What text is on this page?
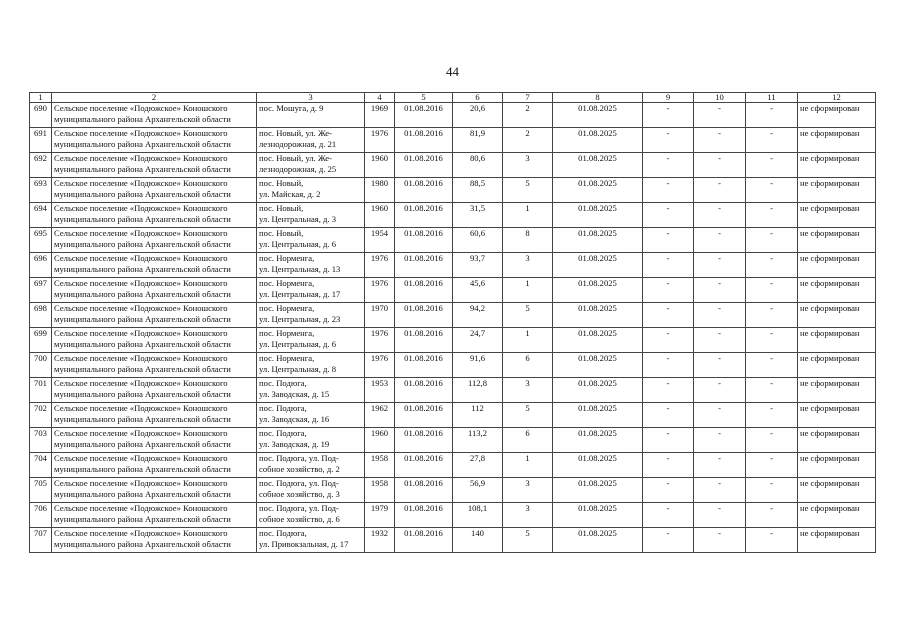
44
1	2	3	4	5	6	7	8	9	10	11	12
690	Сельское поселение «Подюжское» Коношского
муниципального района Архангельской области	пос. Мошуга, д. 9	1969	01.08.2016	20,6	2	01.08.2025	-	-	-	не сформирован
691	Сельское поселение «Подюжское» Коношского
муниципального района Архангельской области	пос. Новый, ул. Же-
лезнодорожная, д. 21	1976	01.08.2016	81,9	2	01.08.2025	-	-	-	не сформирован
692	Сельское поселение «Подюжское» Коношского
муниципального района Архангельской области	пос. Новый, ул. Же-
лезнодорожная, д. 25	1960	01.08.2016	80,6	3	01.08.2025	-	-	-	не сформирован
693	Сельское поселение «Подюжское» Коношского
муниципального района Архангельской области	пос. Новый,
ул. Майская, д. 2	1980	01.08.2016	88,5	5	01.08.2025	-	-	-	не сформирован
694	Сельское поселение «Подюжское» Коношского
муниципального района Архангельской области	пос. Новый,
ул. Центральная, д. 3	1960	01.08.2016	31,5	1	01.08.2025	-	-	-	не сформирован
695	Сельское поселение «Подюжское» Коношского
муниципального района Архангельской области	пос. Новый,
ул. Центральная, д. 6	1954	01.08.2016	60,6	8	01.08.2025	-	-	-	не сформирован
696	Сельское поселение «Подюжское» Коношского
муниципального района Архангельской области	пос. Норменга,
ул. Центральная, д. 13	1976	01.08.2016	93,7	3	01.08.2025	-	-	-	не сформирован
697	Сельское поселение «Подюжское» Коношского
муниципального района Архангельской области	пос. Норменга,
ул. Центральная, д. 17	1976	01.08.2016	45,6	1	01.08.2025	-	-	-	не сформирован
698	Сельское поселение «Подюжское» Коношского
муниципального района Архангельской области	пос. Норменга,
ул. Центральная, д. 23	1970	01.08.2016	94,2	5	01.08.2025	-	-	-	не сформирован
699	Сельское поселение «Подюжское» Коношского
муниципального района Архангельской области	пос. Норменга,
ул. Центральная, д. 6	1976	01.08.2016	24,7	1	01.08.2025	-	-	-	не сформирован
700	Сельское поселение «Подюжское» Коношского
муниципального района Архангельской области	пос. Норменга,
ул. Центральная, д. 8	1976	01.08.2016	91,6	6	01.08.2025	-	-	-	не сформирован
701	Сельское поселение «Подюжское» Коношского
муниципального района Архангельской области	пос. Подюга,
ул. Заводская, д. 15	1953	01.08.2016	112,8	3	01.08.2025	-	-	-	не сформирован
702	Сельское поселение «Подюжское» Коношского
муниципального района Архангельской области	пос. Подюга,
ул. Заводская, д. 16	1962	01.08.2016	112	5	01.08.2025	-	-	-	не сформирован
703	Сельское поселение «Подюжское» Коношского
муниципального района Архангельской области	пос. Подюга,
ул. Заводская, д. 19	1960	01.08.2016	113,2	6	01.08.2025	-	-	-	не сформирован
704	Сельское поселение «Подюжское» Коношского
муниципального района Архангельской области	пос. Подюга, ул. Под-
собное хозяйство, д. 2	1958	01.08.2016	27,8	1	01.08.2025	-	-	-	не сформирован
705	Сельское поселение «Подюжское» Коношского
муниципального района Архангельской области	пос. Подюга, ул. Под-
собное хозяйство, д. 3	1958	01.08.2016	56,9	3	01.08.2025	-	-	-	не сформирован
706	Сельское поселение «Подюжское» Коношского
муниципального района Архангельской области	пос. Подюга, ул. Под-
собное хозяйство, д. 6	1979	01.08.2016	108,1	3	01.08.2025	-	-	-	не сформирован
707	Сельское поселение «Подюжское» Коношского
муниципального района Архангельской области	пос. Подюга,
ул. Привокзальная, д. 17	1932	01.08.2016	140	5	01.08.2025	-	-	-	не сформирован
